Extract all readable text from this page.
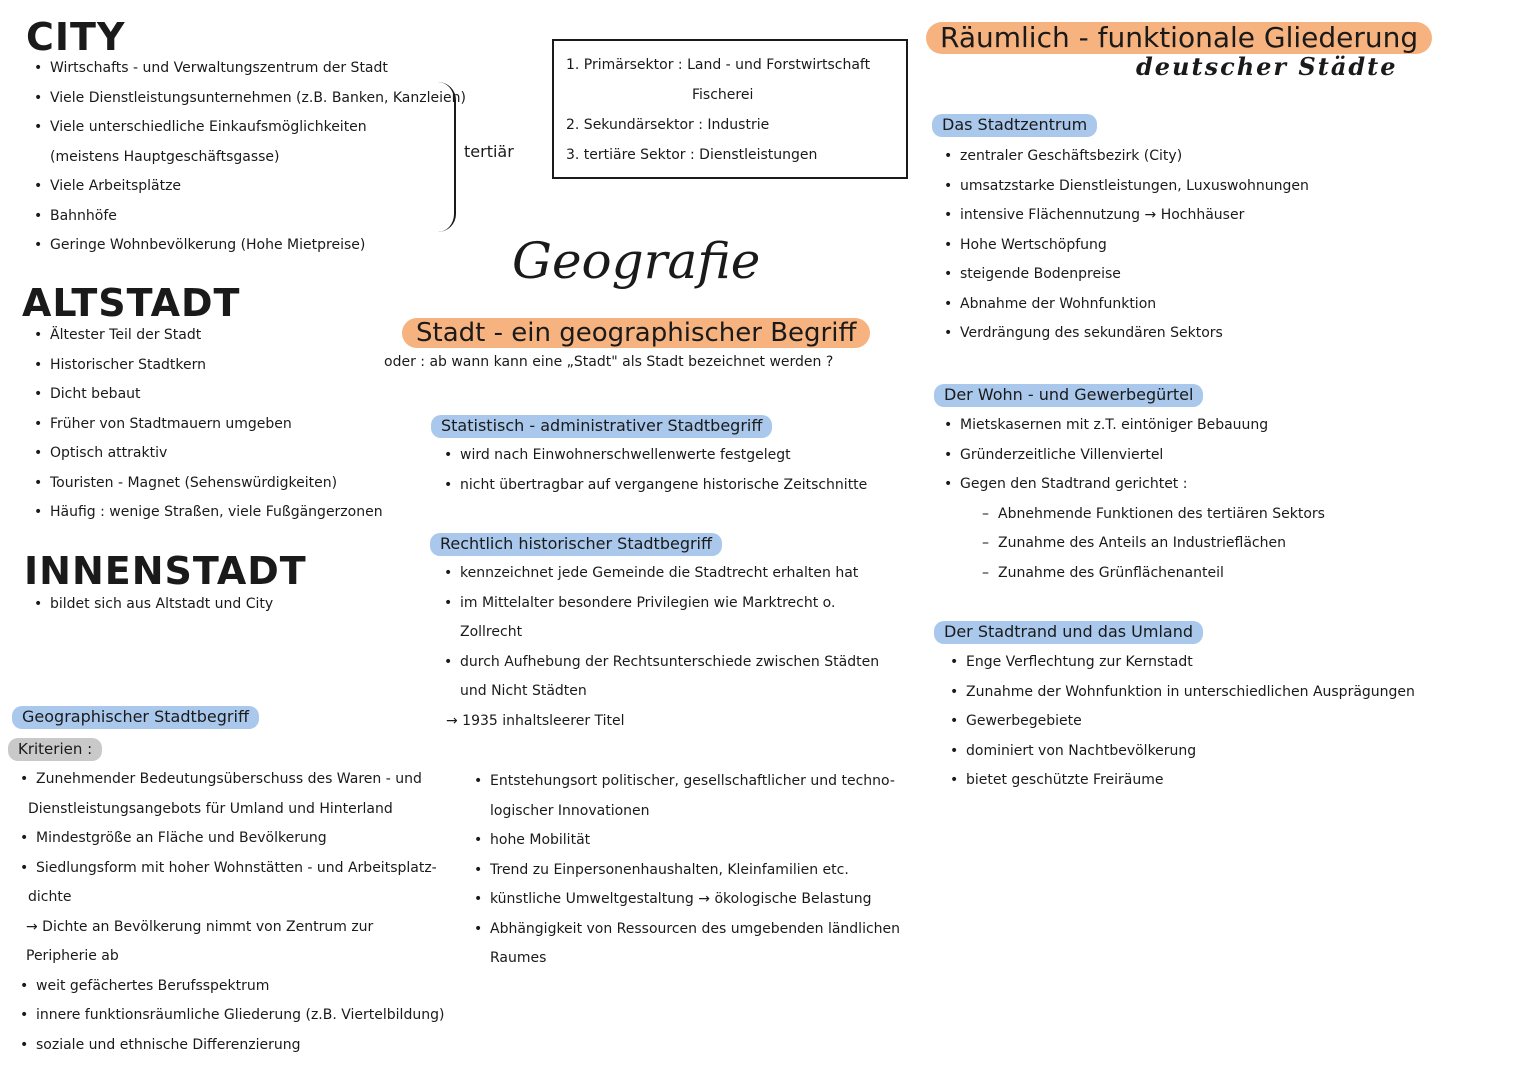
CITY
• Wirtschafts - und Verwaltungszentrum der Stadt
• Viele Dienstleistungsunternehmen (z.B. Banken, Kanzleien)
• Viele unterschiedliche Einkaufsmöglichkeiten
(meistens Hauptgeschäftsgasse)
• Viele Arbeitsplätze
• Bahnhöfe
• Geringe Wohnbevölkerung (Hohe Mietpreise)
tertiär
1. Primärsektor : Land - und Forstwirtschaft
Fischerei
2. Sekundärsektor : Industrie
3. tertiäre Sektor : Dienstleistungen
ALTSTADT
• Ältester Teil der Stadt
• Historischer Stadtkern
• Dicht bebaut
• Früher von Stadtmauern umgeben
• Optisch attraktiv
• Touristen - Magnet (Sehenswürdigkeiten)
• Häufig : wenige Straßen, viele Fußgängerzonen
INNENSTADT
• bildet sich aus Altstadt und City
Geografie
Stadt - ein geographischer Begriff
oder : ab wann kann eine „Stadt" als Stadt bezeichnet werden ?
Statistisch - administrativer Stadtbegriff
• wird nach Einwohnerschwellenwerte festgelegt
• nicht übertragbar auf vergangene historische Zeitschnitte
Rechtlich historischer Stadtbegriff
• kennzeichnet jede Gemeinde die Stadtrecht erhalten hat
• im Mittelalter besondere Privilegien wie Marktrecht o.
Zollrecht
• durch Aufhebung der Rechtsunterschiede zwischen Städten
und Nicht Städten
→ 1935 inhaltsleerer Titel
Geographischer Stadtbegriff
Kriterien :
• Zunehmender Bedeutungsüberschuss des Waren - und
Dienstleistungsangebots für Umland und Hinterland
• Mindestgröße an Fläche und Bevölkerung
• Siedlungsform mit hoher Wohnstätten - und Arbeitsplatz-
dichte
→ Dichte an Bevölkerung nimmt von Zentrum zur
Peripherie ab
• weit gefächertes Berufsspektrum
• innere funktionsräumliche Gliederung (z.B. Viertelbildung)
• soziale und ethnische Differenzierung
• Entstehungsort politischer, gesellschaftlicher und techno-
logischer Innovationen
• hohe Mobilität
• Trend zu Einpersonenhaushalten, Kleinfamilien etc.
• künstliche Umweltgestaltung → ökologische Belastung
• Abhängigkeit von Ressourcen des umgebenden ländlichen
Raumes
Räumlich - funktionale Gliederung
deutscher Städte
Das Stadtzentrum
• zentraler Geschäftsbezirk (City)
• umsatzstarke Dienstleistungen, Luxuswohnungen
• intensive Flächennutzung → Hochhäuser
• Hohe Wertschöpfung
• steigende Bodenpreise
• Abnahme der Wohnfunktion
• Verdrängung des sekundären Sektors
Der Wohn - und Gewerbegürtel
• Mietskasernen mit z.T. eintöniger Bebauung
• Gründerzeitliche Villenviertel
• Gegen den Stadtrand gerichtet :
– Abnehmende Funktionen des tertiären Sektors
– Zunahme des Anteils an Industrieflächen
– Zunahme des Grünflächenanteil
Der Stadtrand und das Umland
• Enge Verflechtung zur Kernstadt
• Zunahme der Wohnfunktion in unterschiedlichen Ausprägungen
• Gewerbegebiete
• dominiert von Nachtbevölkerung
• bietet geschützte Freiräume
